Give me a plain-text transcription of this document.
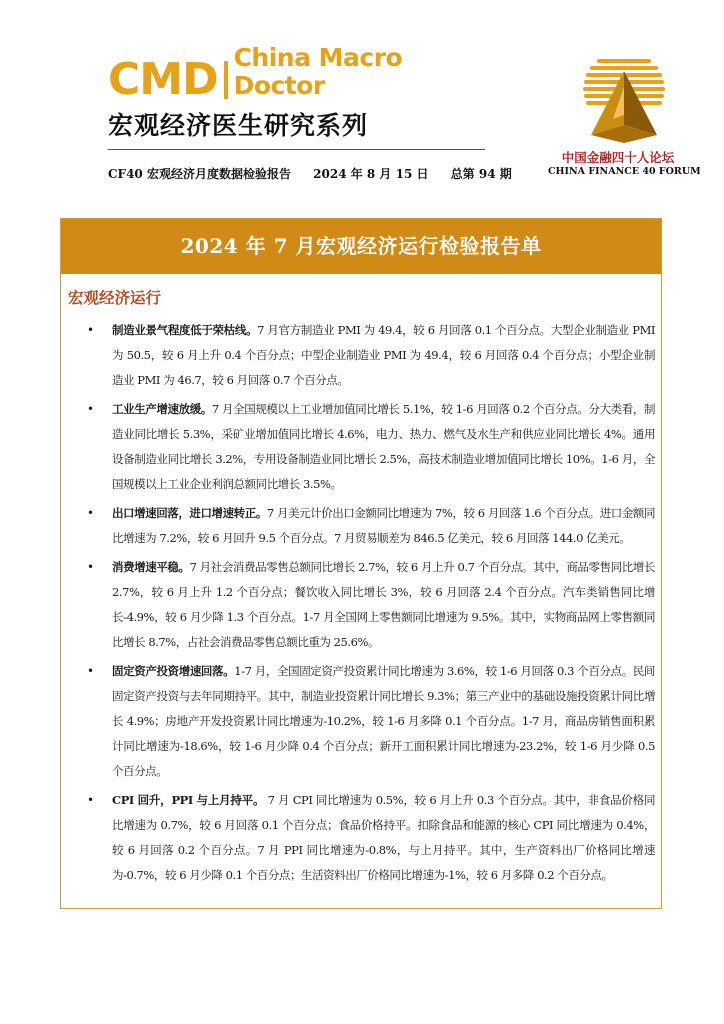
CMD China Macro Doctor
宏观经济医生研究系列
CF40 宏观经济月度数据检验报告 2024 年 8 月 15 日 总第 94 期
中国金融四十人论坛
CHINA FINANCE 40 FORUM
2024 年 7 月宏观经济运行检验报告单
宏观经济运行
• 制造业景气程度低于荣枯线。7 月官方制造业 PMI 为 49.4，较 6 月回落 0.1 个百分点。大型企业制造业 PMI 为 50.5，较 6 月上升 0.4 个百分点；中型企业制造业 PMI 为 49.4，较 6 月回落 0.4 个百分点；小型企业制造业 PMI 为 46.7，较 6 月回落 0.7 个百分点。
• 工业生产增速放缓。7 月全国规模以上工业增加值同比增长 5.1%，较 1-6 月回落 0.2 个百分点。分大类看，制造业同比增长 5.3%，采矿业增加值同比增长 4.6%，电力、热力、燃气及水生产和供应业同比增长 4%。通用设备制造业同比增长 3.2%，专用设备制造业同比增长 2.5%，高技术制造业增加值同比增长 10%。1-6 月，全国规模以上工业企业利润总额同比增长 3.5%。
• 出口增速回落，进口增速转正。7 月美元计价出口金额同比增速为 7%，较 6 月回落 1.6 个百分点。进口金额同比增速为 7.2%，较 6 月回升 9.5 个百分点。7 月贸易顺差为 846.5 亿美元，较 6 月回落 144.0 亿美元。
• 消费增速平稳。7 月社会消费品零售总额同比增长 2.7%，较 6 月上升 0.7 个百分点。其中，商品零售同比增长 2.7%，较 6 月上升 1.2 个百分点；餐饮收入同比增长 3%，较 6 月回落 2.4 个百分点。汽车类销售同比增长-4.9%，较 6 月少降 1.3 个百分点。1-7 月全国网上零售额同比增速为 9.5%。其中，实物商品网上零售额同比增长 8.7%，占社会消费品零售总额比重为 25.6%。
• 固定资产投资增速回落。1-7 月，全国固定资产投资累计同比增速为 3.6%，较 1-6 月回落 0.3 个百分点。民间固定资产投资与去年同期持平。其中，制造业投资累计同比增长 9.3%；第三产业中的基础设施投资累计同比增长 4.9%；房地产开发投资累计同比增速为-10.2%，较 1-6 月多降 0.1 个百分点。1-7 月，商品房销售面积累计同比增速为-18.6%，较 1-6 月少降 0.4 个百分点；新开工面积累计同比增速为-23.2%，较 1-6 月少降 0.5 个百分点。
• CPI 回升，PPI 与上月持平。 7 月 CPI 同比增速为 0.5%，较 6 月上升 0.3 个百分点。其中，非食品价格同比增速为 0.7%，较 6 月回落 0.1 个百分点；食品价格持平。扣除食品和能源的核心 CPI 同比增速为 0.4%，较 6 月回落 0.2 个百分点。7 月 PPI 同比增速为-0.8%，与上月持平。其中，生产资料出厂价格同比增速为-0.7%，较 6 月少降 0.1 个百分点；生活资料出厂价格同比增速为-1%，较 6 月多降 0.2 个百分点。
